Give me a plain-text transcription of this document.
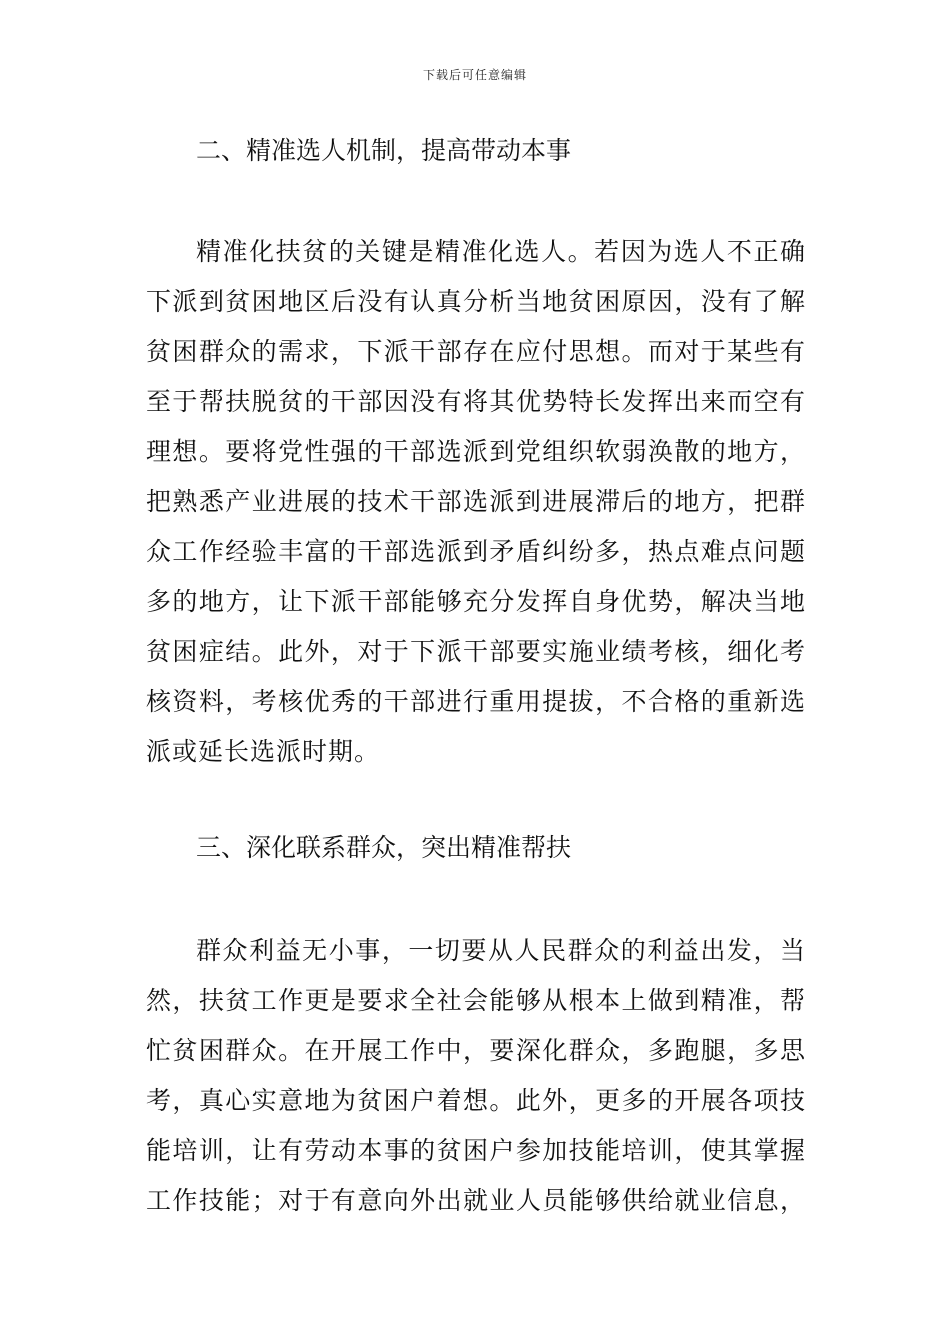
下载后可任意编辑
二、精准选人机制，提高带动本事
精准化扶贫的关键是精准化选人。若因为选人不正确
下派到贫困地区后没有认真分析当地贫困原因，没有了解
贫困群众的需求，下派干部存在应付思想。而对于某些有
至于帮扶脱贫的干部因没有将其优势特长发挥出来而空有
理想。要将党性强的干部选派到党组织软弱涣散的地方，
把熟悉产业进展的技术干部选派到进展滞后的地方，把群
众工作经验丰富的干部选派到矛盾纠纷多，热点难点问题
多的地方，让下派干部能够充分发挥自身优势，解决当地
贫困症结。此外，对于下派干部要实施业绩考核，细化考
核资料，考核优秀的干部进行重用提拔，不合格的重新选
派或延长选派时期。
三、深化联系群众，突出精准帮扶
群众利益无小事，一切要从人民群众的利益出发，当
然，扶贫工作更是要求全社会能够从根本上做到精准，帮
忙贫困群众。在开展工作中，要深化群众，多跑腿，多思
考，真心实意地为贫困户着想。此外，更多的开展各项技
能培训，让有劳动本事的贫困户参加技能培训，使其掌握
工作技能；对于有意向外出就业人员能够供给就业信息，
